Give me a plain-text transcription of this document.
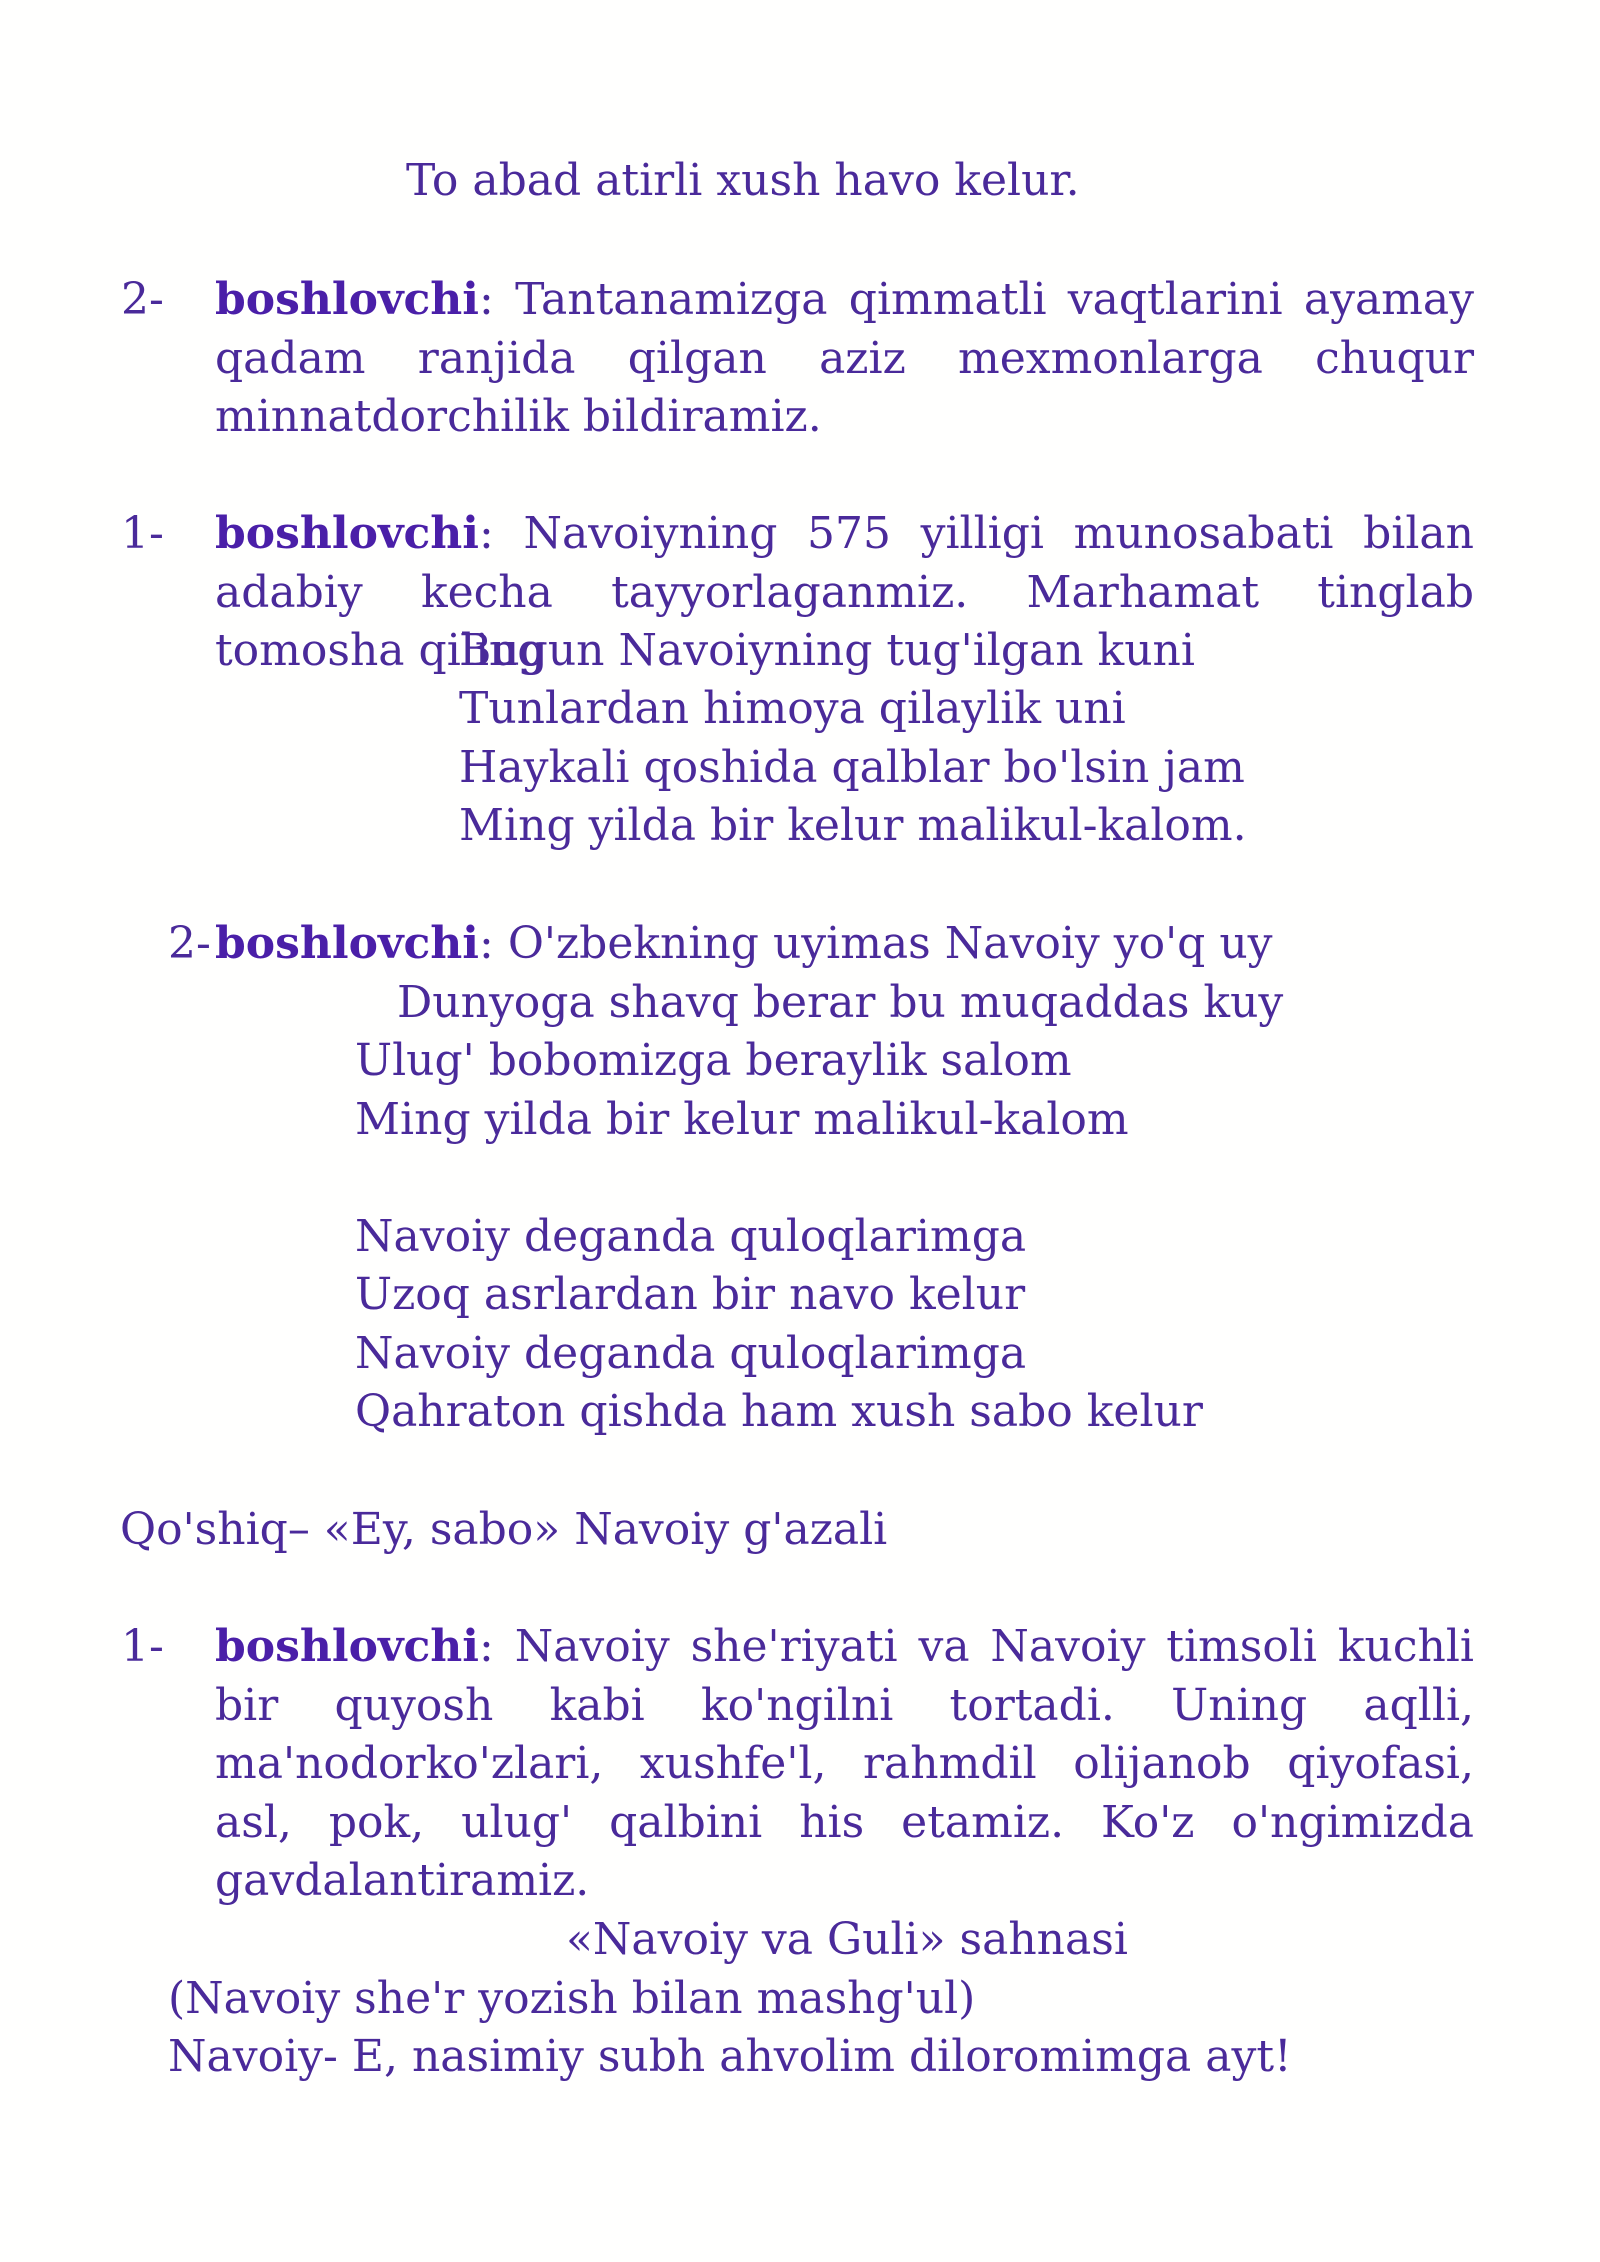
To abad atirli xush havo kelur.
2- boshlovchi: Tantanamizga qimmatli vaqtlarini ayamay qadam ranjida qilgan aziz mexmonlarga chuqur minnatdorchilik bildiramiz.
1- boshlovchi: Navoiyning 575 yilligi munosabati bilan adabiy kecha tayyorlaganmiz. Marhamat tinglab tomosha qiling
Bugun Navoiyning tug'ilgan kuni
Tunlardan himoya qilaylik uni
Haykali qoshida qalblar bo'lsin jam
Ming yilda bir kelur malikul-kalom.
2-boshlovchi: O'zbekning uyimas Navoiy yo'q uy
Dunyoga shavq berar bu muqaddas kuy
Ulug' bobomizga beraylik salom
Ming yilda bir kelur malikul-kalom
Navoiy deganda quloqlarimga
Uzoq asrlardan bir navo kelur
Navoiy deganda quloqlarimga
Qahraton qishda ham xush sabo kelur
Qo'shiq– «Ey, sabo» Navoiy g'azali
1- boshlovchi: Navoiy she'riyati va Navoiy timsoli kuchli bir quyosh kabi ko'ngilni tortadi. Uning aqlli, ma'nodorko'zlari, xushfe'l, rahmdil olijanob qiyofasi, asl, pok, ulug' qalbini his etamiz. Ko'z o'ngimizda gavdalantiramiz.
«Navoiy va Guli» sahnasi
(Navoiy she'r yozish bilan mashg'ul)
Navoiy- E, nasimiy subh ahvolim diloromimga ayt!
